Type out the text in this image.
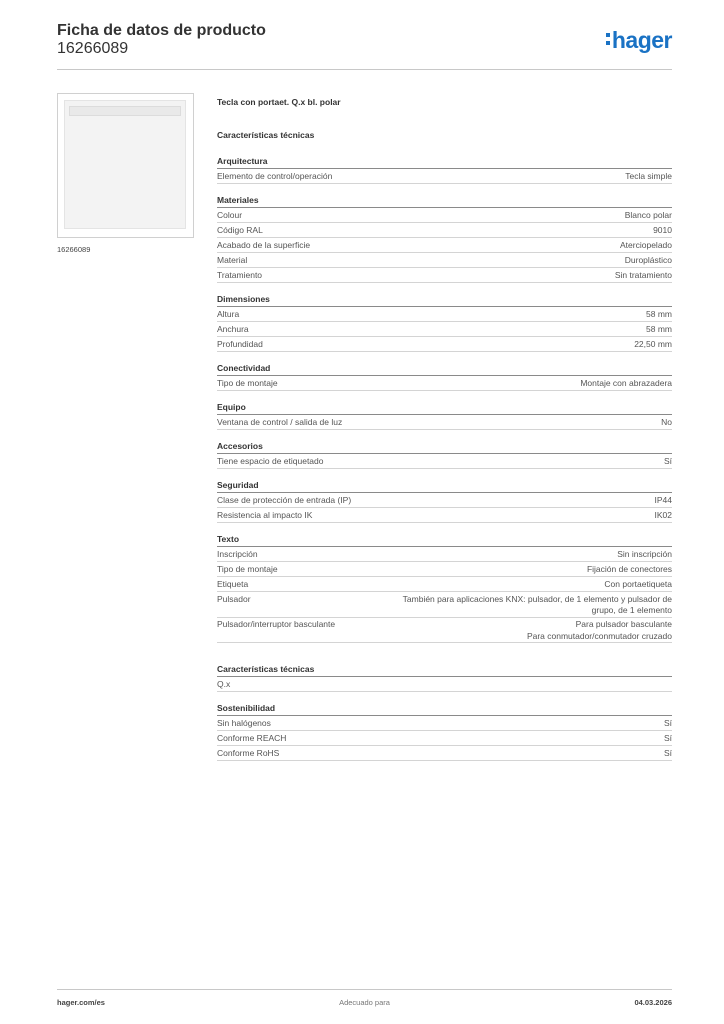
Ficha de datos de producto
16266089	hager
16266089
Tecla con portaet. Q.x bl. polar
Características técnicas
Arquitectura
Elemento de control/operación	Tecla simple
Materiales
Colour	Blanco polar
Código RAL	9010
Acabado de la superficie	Aterciopelado
Material	Duroplástico
Tratamiento	Sin tratamiento
Dimensiones
Altura	58 mm
Anchura	58 mm
Profundidad	22,50 mm
Conectividad
Tipo de montaje	Montaje con abrazadera
Equipo
Ventana de control / salida de luz	No
Accesorios
Tiene espacio de etiquetado	Sí
Seguridad
Clase de protección de entrada (IP)	IP44
Resistencia al impacto IK	IK02
Texto
Inscripción	Sin inscripción
Tipo de montaje	Fijación de conectores
Etiqueta	Con portaetiqueta
Pulsador	También para aplicaciones KNX: pulsador, de 1 elemento y pulsador de
grupo, de 1 elemento
Pulsador/interruptor basculante	Para pulsador basculante
Para conmutador/conmutador cruzado
Características técnicas
Q.x
Sostenibilidad
Sin halógenos	Sí
Conforme REACH	Sí
Conforme RoHS	Sí
hager.com/es	Adecuado para	04.03.2026
